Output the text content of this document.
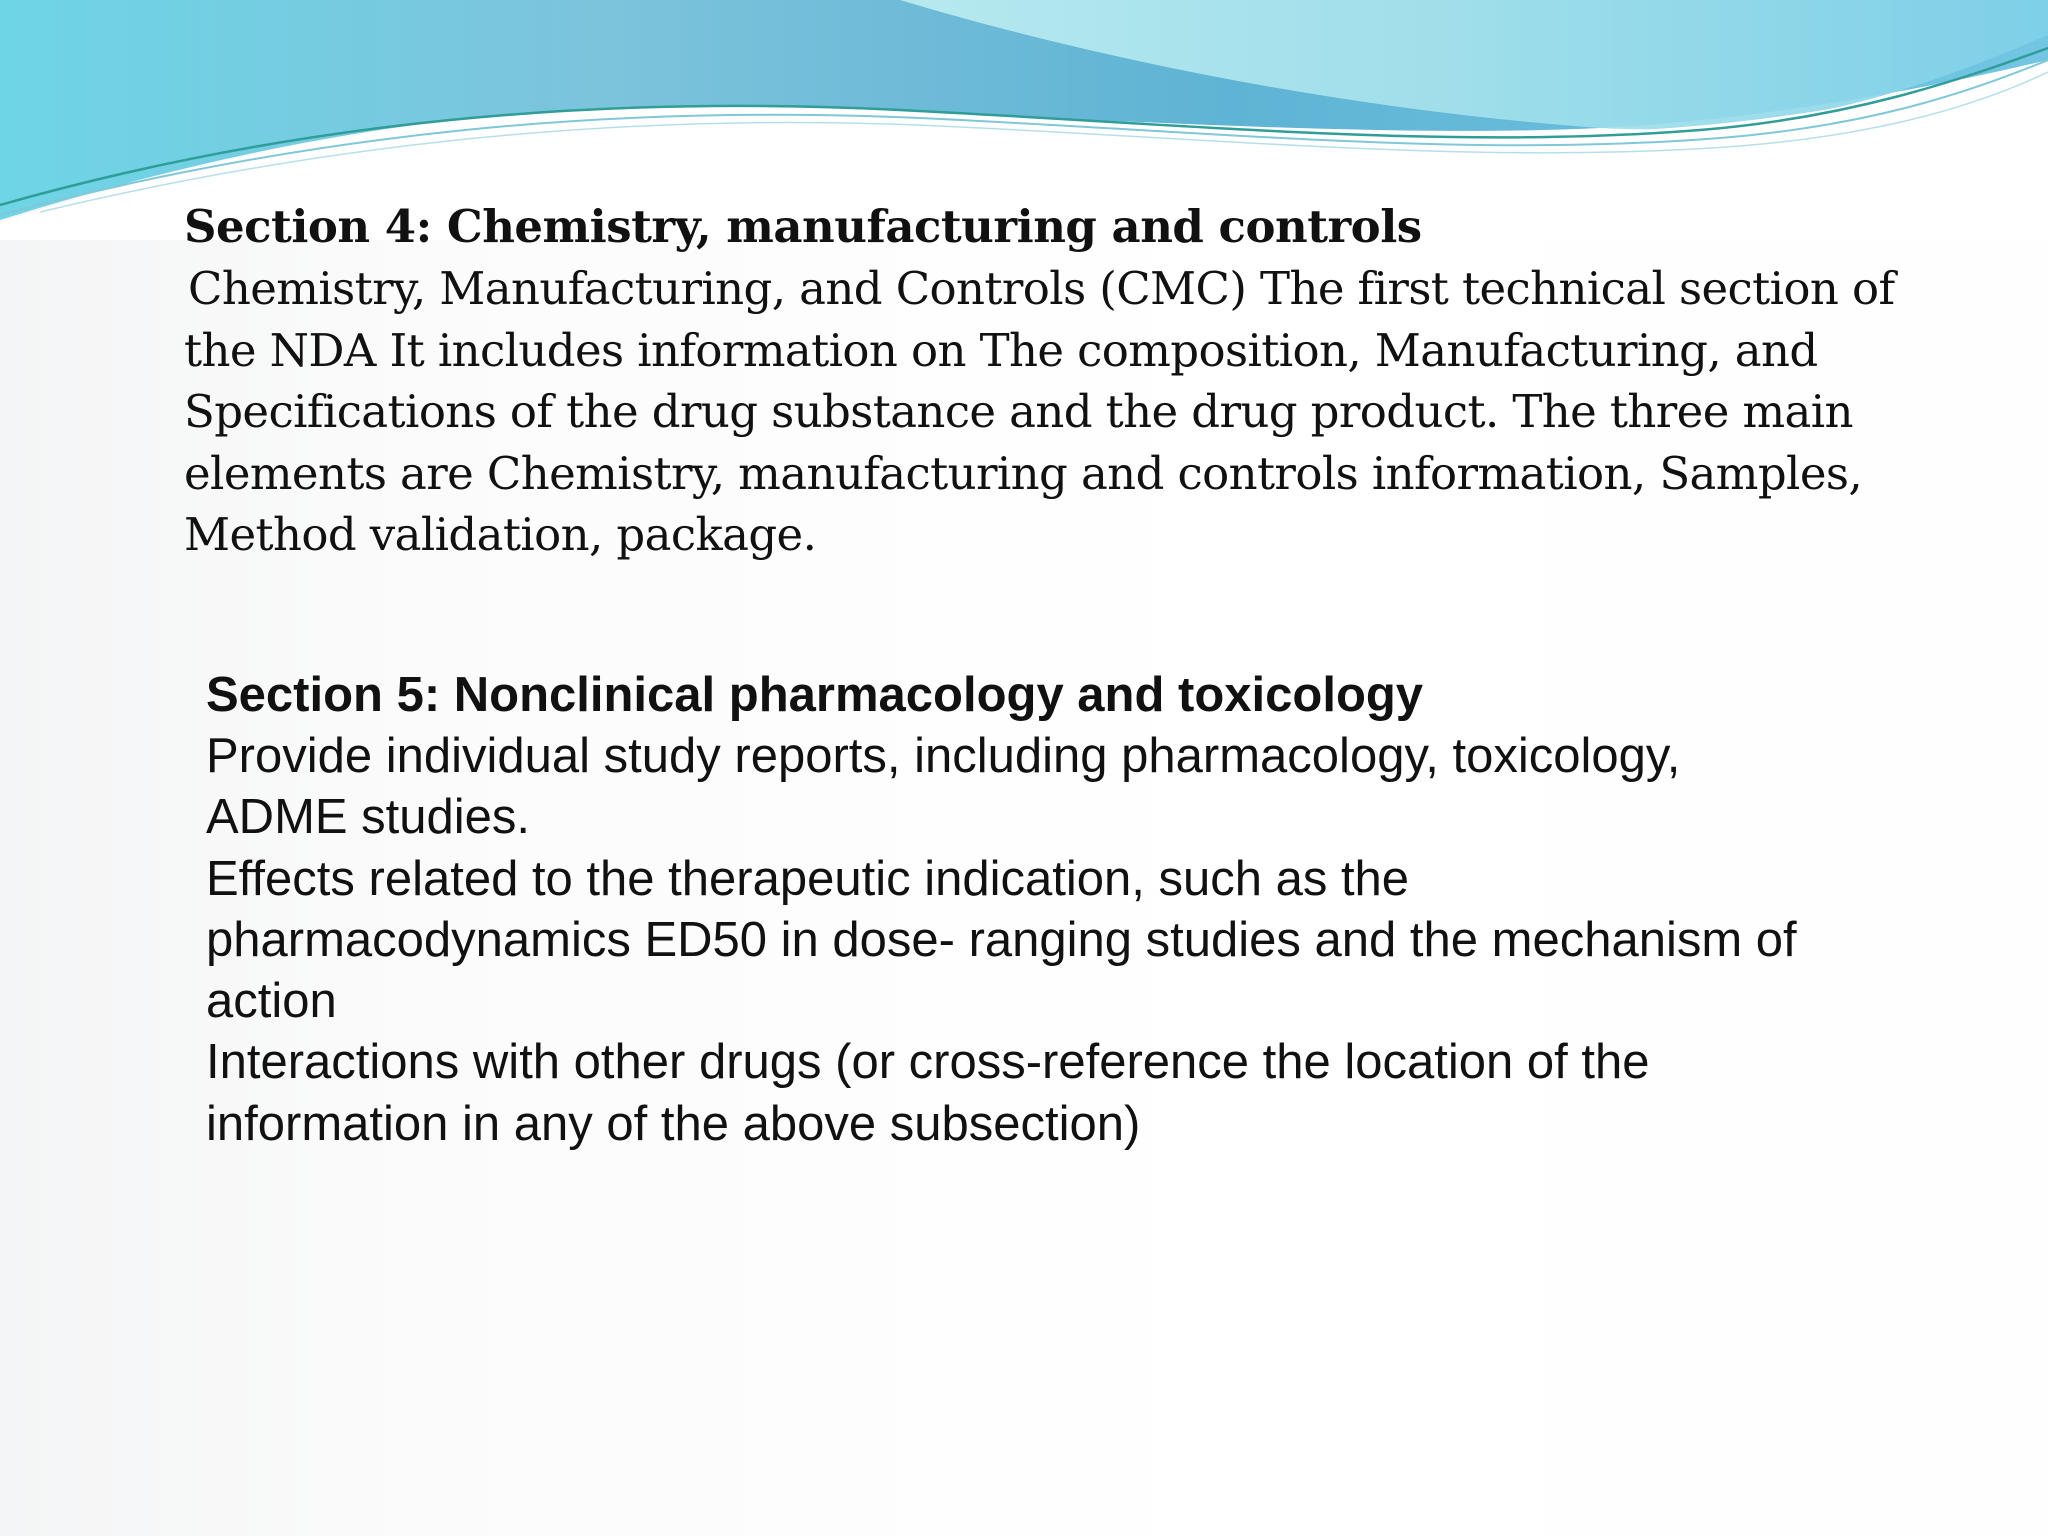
Section 4: Chemistry, manufacturing and controls

Chemistry, Manufacturing, and Controls (CMC) The first technical section of the NDA It includes information on The composition, Manufacturing, and Specifications of the drug substance and the drug product. The three main elements are Chemistry, manufacturing and controls information, Samples, Method validation, package.

Section 5: Nonclinical pharmacology and toxicology

Provide individual study reports, including pharmacology, toxicology, ADME studies.

Effects related to the therapeutic indication, such as the pharmacodynamics ED50 in dose- ranging studies and the mechanism of action

Interactions with other drugs (or cross-reference the location of the information in any of the above subsection)
